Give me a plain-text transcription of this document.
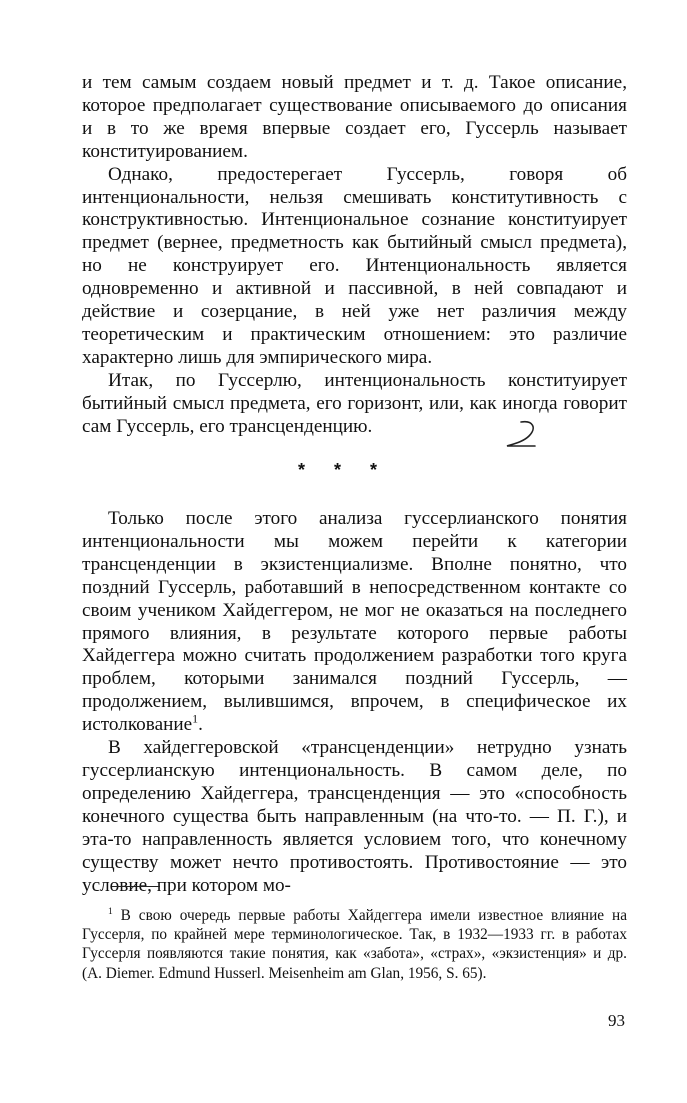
и тем самым создаем новый предмет и т. д. Такое описание, которое предполагает существование описываемого до описания и в то же время впервые создает его, Гуссерль называет конституированием.

Однако, предостерегает Гуссерль, говоря об интенциональности, нельзя смешивать конститутивность с конструктивностью. Интенциональное сознание конституирует предмет (вернее, предметность как бытийный смысл предмета), но не конструирует его. Интенциональность является одновременно и активной и пассивной, в ней совпадают и действие и созерцание, в ней уже нет различия между теоретическим и практическим отношением: это различие характерно лишь для эмпирического мира.

Итак, по Гуссерлю, интенциональность конституирует бытийный смысл предмета, его горизонт, или, как иногда говорит сам Гуссерль, его трансценденцию.

* * *

Только после этого анализа гуссерлианского понятия интенциональности мы можем перейти к категории трансценденции в экзистенциализме. Вполне понятно, что поздний Гуссерль, работавший в непосредственном контакте со своим учеником Хайдеггером, не мог не оказаться на последнего прямого влияния, в результате которого первые работы Хайдеггера можно считать продолжением разработки того круга проблем, которыми занимался поздний Гуссерль, — продолжением, вылившимся, впрочем, в специфическое их истолкование$^1$.

В хайдеггеровской «трансценденции» нетрудно узнать гуссерлианскую интенциональность. В самом деле, по определению Хайдеггера, трансценденция — это «способность конечного существа быть направленным (на что-то. — П. Г.), и эта-то направленность является условием того, что конечному существу может нечто противостоять. Противостояние — это условие, при котором мо-

$^1$ В свою очередь первые работы Хайдеггера имели известное влияние на Гуссерля, по крайней мере терминологическое. Так, в 1932—1933 гг. в работах Гуссерля появляются такие понятия, как «забота», «страх», «экзистенция» и др. (A. Diemer. Edmund Husserl. Meisenheim am Glan, 1956, S. 65).

93
